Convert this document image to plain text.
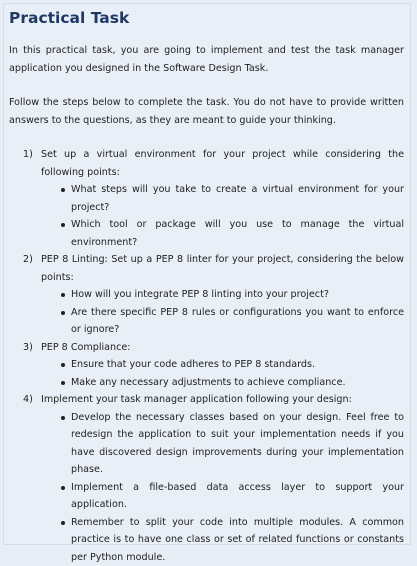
Practical Task

In this practical task, you are going to implement and test the task manager application you designed in the Software Design Task.

Follow the steps below to complete the task. You do not have to provide written answers to the questions, as they are meant to guide your thinking.

1) Set up a virtual environment for your project while considering the following points:
What steps will you take to create a virtual environment for your project?
Which tool or package will you use to manage the virtual environment?
2) PEP 8 Linting: Set up a PEP 8 linter for your project, considering the below points:
How will you integrate PEP 8 linting into your project?
Are there specific PEP 8 rules or configurations you want to enforce or ignore?
3) PEP 8 Compliance:
Ensure that your code adheres to PEP 8 standards.
Make any necessary adjustments to achieve compliance.
4) Implement your task manager application following your design:
Develop the necessary classes based on your design. Feel free to redesign the application to suit your implementation needs if you have discovered design improvements during your implementation phase.
Implement a file-based data access layer to support your application.
Remember to split your code into multiple modules. A common practice is to have one class or set of related functions or constants per Python module.
